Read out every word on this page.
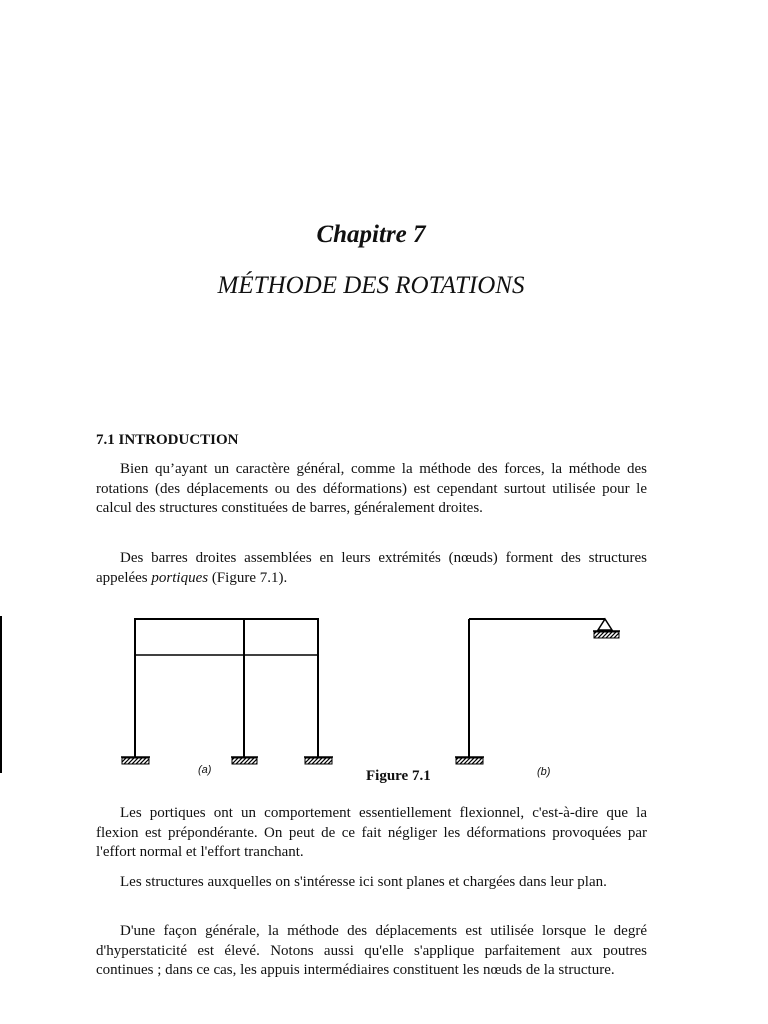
Chapitre 7
MÉTHODE DES ROTATIONS
7.1 INTRODUCTION

Bien qu’ayant un caractère général, comme la méthode des forces, la méthode des rotations (des déplacements ou des déformations) est cependant surtout utilisée pour le calcul des structures constituées de barres, généralement droites.

Des barres droites assemblées en leurs extrémités (nœuds) forment des structures appelées portiques (Figure 7.1).

(a)	Figure 7.1	(b)

Les portiques ont un comportement essentiellement flexionnel, c'est-à-dire que la flexion est prépondérante. On peut de ce fait négliger les déformations provoquées par l'effort normal et l'effort tranchant.

Les structures auxquelles on s'intéresse ici sont planes et chargées dans leur plan.

D'une façon générale, la méthode des déplacements est utilisée lorsque le degré d'hyperstaticité est élevé. Notons aussi qu'elle s'applique parfaitement aux poutres continues ; dans ce cas, les appuis intermédiaires constituent les nœuds de la structure.
